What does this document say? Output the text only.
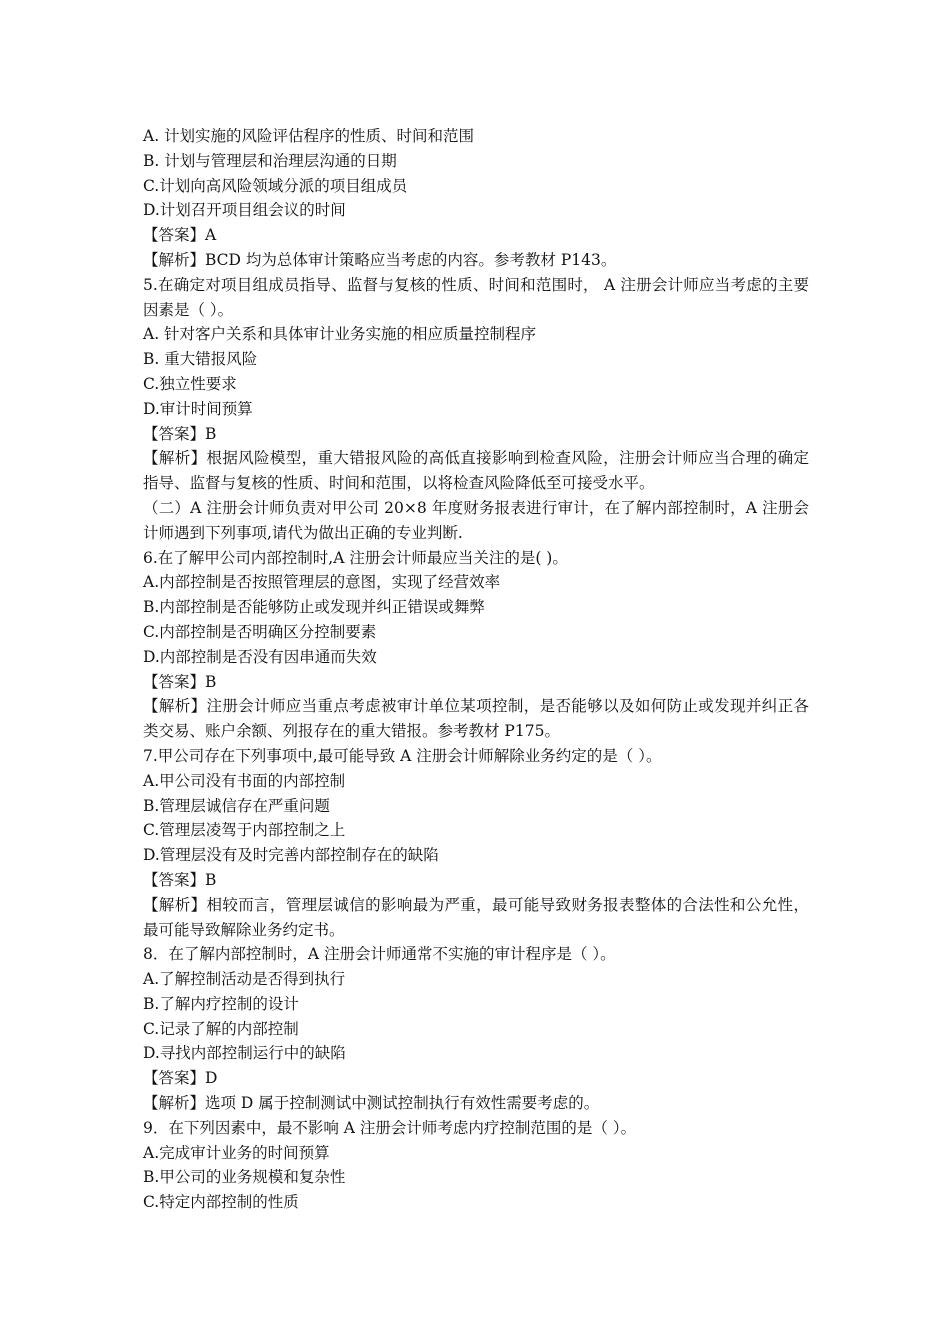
A. 计划实施的风险评估程序的性质、时间和范围
B. 计划与管理层和治理层沟通的日期
C.计划向高风险领域分派的项目组成员
D.计划召开项目组会议的时间
【答案】A
【解析】BCD 均为总体审计策略应当考虑的内容。参考教材 P143。
5.在确定对项目组成员指导、监督与复核的性质、时间和范围时， A 注册会计师应当考虑的主要因素是（ ）。
A. 针对客户关系和具体审计业务实施的相应质量控制程序
B. 重大错报风险
C.独立性要求
D.审计时间预算
【答案】B
【解析】根据风险模型，重大错报风险的高低直接影响到检查风险，注册会计师应当合理的确定指导、监督与复核的性质、时间和范围，以将检查风险降低至可接受水平。
（二）A 注册会计师负责对甲公司 20×8 年度财务报表进行审计，在了解内部控制时，A 注册会计师遇到下列事项,请代为做出正确的专业判断.
6.在了解甲公司内部控制时,A 注册会计师最应当关注的是( )。
A.内部控制是否按照管理层的意图，实现了经营效率
B.内部控制是否能够防止或发现并纠正错误或舞弊
C.内部控制是否明确区分控制要素
D.内部控制是否没有因串通而失效
【答案】B
【解析】注册会计师应当重点考虑被审计单位某项控制，是否能够以及如何防止或发现并纠正各类交易、账户余额、列报存在的重大错报。参考教材 P175。
7.甲公司存在下列事项中,最可能导致 A 注册会计师解除业务约定的是（ ）。
A.甲公司没有书面的内部控制
B.管理层诚信存在严重问题
C.管理层凌驾于内部控制之上
D.管理层没有及时完善内部控制存在的缺陷
【答案】B
【解析】相较而言，管理层诚信的影响最为严重，最可能导致财务报表整体的合法性和公允性，最可能导致解除业务约定书。
8．在了解内部控制时，A 注册会计师通常不实施的审计程序是（ ）。
A.了解控制活动是否得到执行
B.了解内疗控制的设计
C.记录了解的内部控制
D.寻找内部控制运行中的缺陷
【答案】D
【解析】选项 D 属于控制测试中测试控制执行有效性需要考虑的。
9．在下列因素中，最不影响 A 注册会计师考虑内疗控制范围的是（ ）。
A.完成审计业务的时间预算
B.甲公司的业务规模和复杂性
C.特定内部控制的性质
